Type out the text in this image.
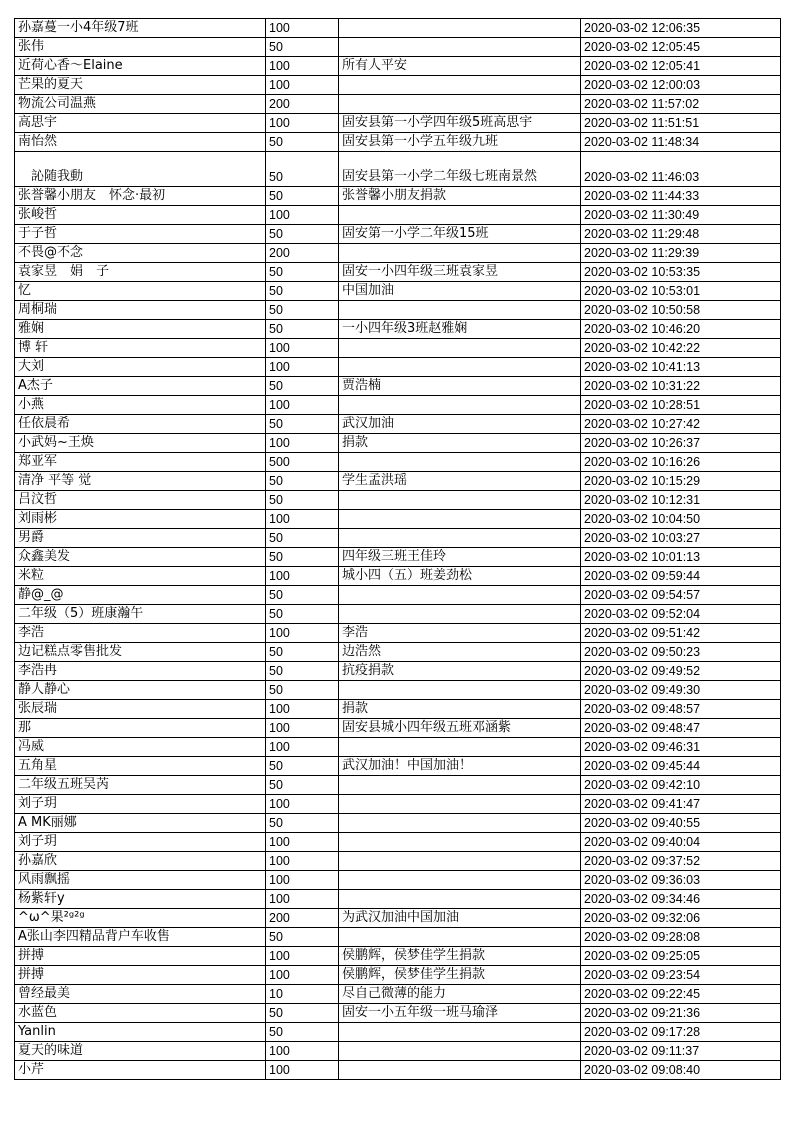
孙嘉蔓一小4年级7班	100		2020-03-02 12:06:35
张伟	50		2020-03-02 12:05:45
近荷心香～Elaine	100	所有人平安	2020-03-02 12:05:41
芒果的夏天	100		2020-03-02 12:00:03
物流公司温燕	200		2020-03-02 11:57:02
高思宇	100	固安县第一小学四年级5班高思宇	2020-03-02 11:51:51
南怡然	50	固安县第一小学五年级九班	2020-03-02 11:48:34
　訫随我動	50	固安县第一小学二年级七班南景然	2020-03-02 11:46:03
张誉馨小朋友　怀念·最初	50	张誉馨小朋友捐款	2020-03-02 11:44:33
张峻哲	100		2020-03-02 11:30:49
于子哲	50	固安第一小学二年级15班	2020-03-02 11:29:48
不畏@不念	200		2020-03-02 11:29:39
袁家昱　娟　子	50	固安一小四年级三班袁家昱	2020-03-02 10:53:35
忆	50	中国加油	2020-03-02 10:53:01
周桐瑞	50		2020-03-02 10:50:58
雅娴	50	一小四年级3班赵雅娴	2020-03-02 10:46:20
博 轩	100		2020-03-02 10:42:22
大刘	100		2020-03-02 10:41:13
A杰子	50	贾浩楠	2020-03-02 10:31:22
小燕	100		2020-03-02 10:28:51
任依晨希	50	武汉加油	2020-03-02 10:27:42
小武妈~王焕	100	捐款	2020-03-02 10:26:37
郑亚军	500		2020-03-02 10:16:26
清净 平等 觉	50	学生孟洪瑶	2020-03-02 10:15:29
吕汶哲	50		2020-03-02 10:12:31
刘雨彬	100		2020-03-02 10:04:50
男爵	50		2020-03-02 10:03:27
众鑫美发	50	四年级三班王佳玲	2020-03-02 10:01:13
米粒	100	城小四（五）班姜劲松	2020-03-02 09:59:44
静@_@	50		2020-03-02 09:54:57
二年级（5）班康瀚午	50		2020-03-02 09:52:04
李浩	100	李浩	2020-03-02 09:51:42
边记糕点零售批发	50	边浩然	2020-03-02 09:50:23
李浩冉	50	抗疫捐款	2020-03-02 09:49:52
静人静心	50		2020-03-02 09:49:30
张辰瑞	100	捐款	2020-03-02 09:48:57
那	100	固安县城小四年级五班邓涵紫	2020-03-02 09:48:47
冯威	100		2020-03-02 09:46:31
五角星	50	武汉加油！中国加油！	2020-03-02 09:45:44
二年级五班吴芮	50		2020-03-02 09:42:10
刘子玥	100		2020-03-02 09:41:47
A MK丽娜	50		2020-03-02 09:40:55
刘子玥	100		2020-03-02 09:40:04
孙嘉欣	100		2020-03-02 09:37:52
风雨飘摇	100		2020-03-02 09:36:03
杨紫轩y	100		2020-03-02 09:34:46
^ω^果²ᵍ²ᵍ	200	为武汉加油中国加油	2020-03-02 09:32:06
A张山李四精品背户车收售	50		2020-03-02 09:28:08
拼搏	100	侯鹏辉，侯梦佳学生捐款	2020-03-02 09:25:05
拼搏	100	侯鹏辉，侯梦佳学生捐款	2020-03-02 09:23:54
曾经最美	10	尽自己微薄的能力	2020-03-02 09:22:45
水蓝色	50	固安一小五年级一班马瑜泽	2020-03-02 09:21:36
Yanlin	50		2020-03-02 09:17:28
夏天的味道	100		2020-03-02 09:11:37
小芹	100		2020-03-02 09:08:40
